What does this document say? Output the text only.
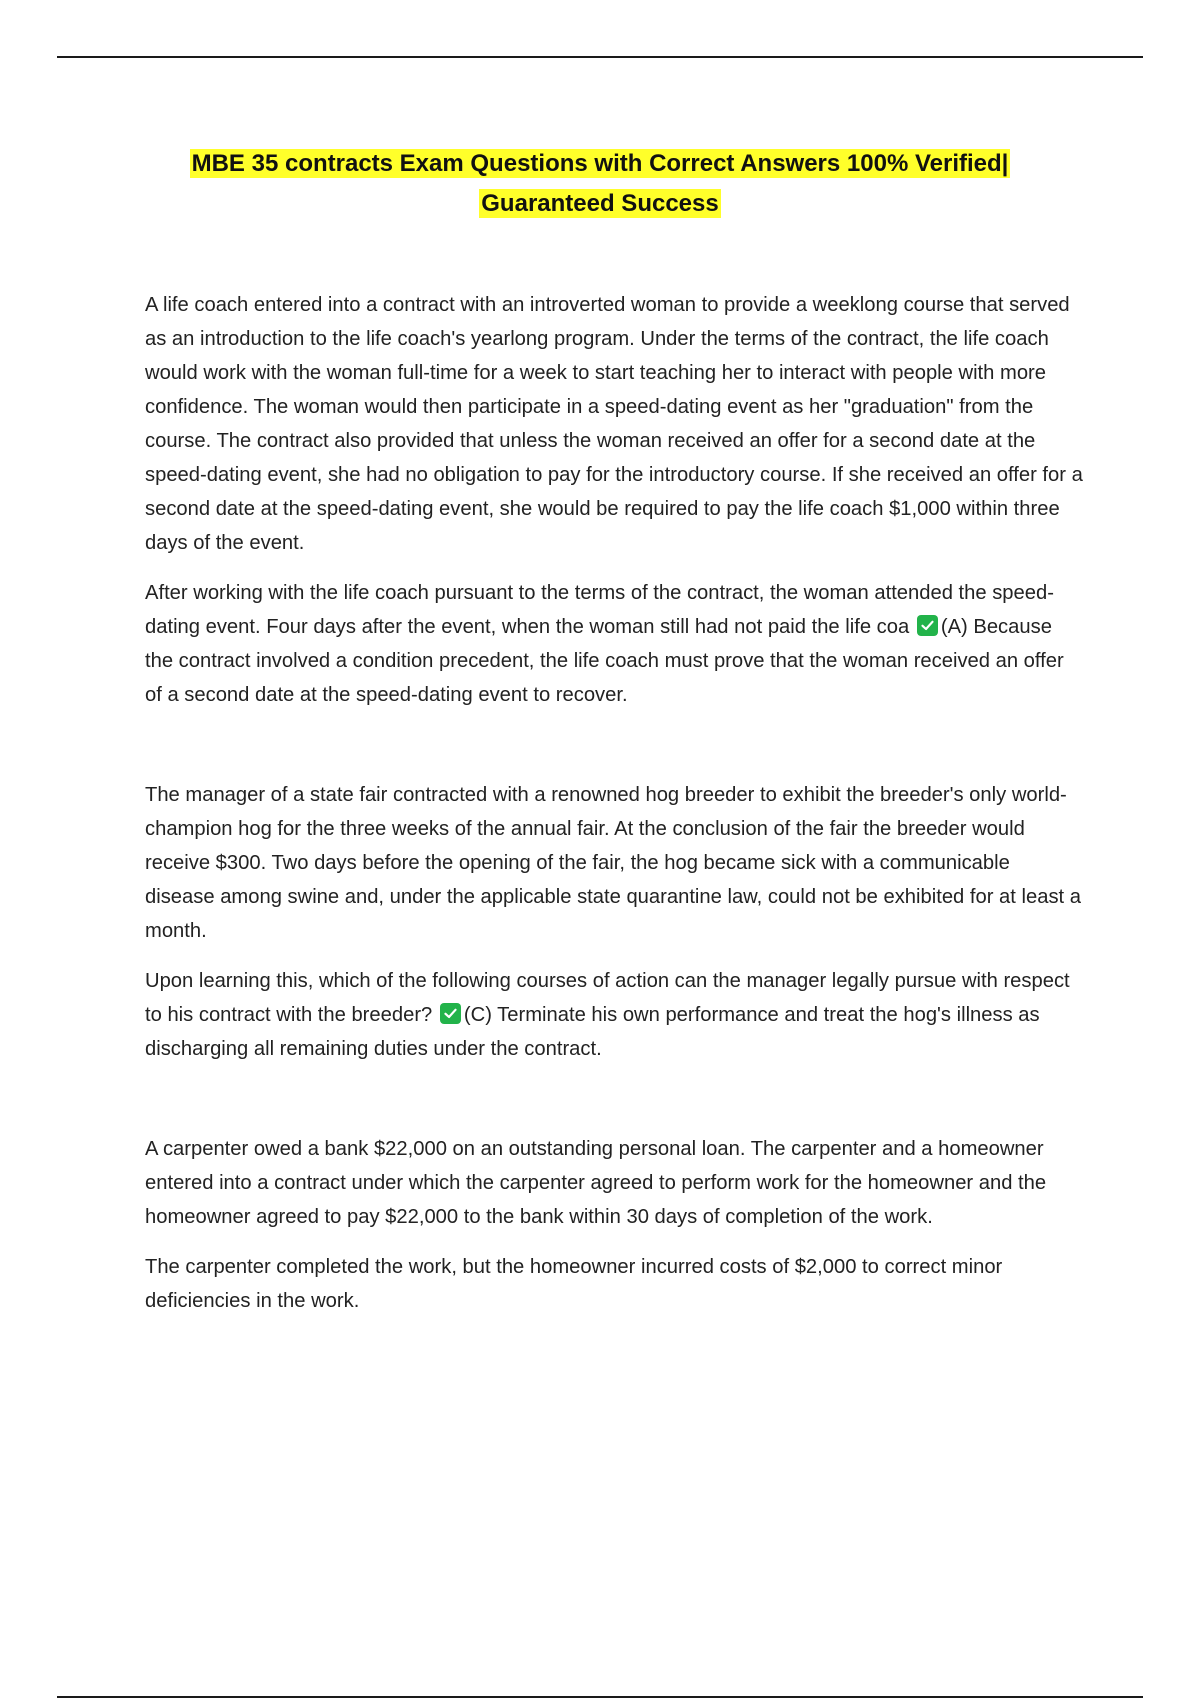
MBE 35 contracts Exam Questions with Correct Answers 100% Verified|
Guaranteed Success

A life coach entered into a contract with an introverted woman to provide a weeklong course that served as an introduction to the life coach's yearlong program. Under the terms of the contract, the life coach would work with the woman full-time for a week to start teaching her to interact with people with more confidence. The woman would then participate in a speed-dating event as her "graduation" from the course. The contract also provided that unless the woman received an offer for a second date at the speed-dating event, she had no obligation to pay for the introductory course. If she received an offer for a second date at the speed-dating event, she would be required to pay the life coach $1,000 within three days of the event.

After working with the life coach pursuant to the terms of the contract, the woman attended the speed-dating event. Four days after the event, when the woman still had not paid the life coa (A) Because the contract involved a condition precedent, the life coach must prove that the woman received an offer of a second date at the speed-dating event to recover.

The manager of a state fair contracted with a renowned hog breeder to exhibit the breeder's only world-champion hog for the three weeks of the annual fair. At the conclusion of the fair the breeder would receive $300. Two days before the opening of the fair, the hog became sick with a communicable disease among swine and, under the applicable state quarantine law, could not be exhibited for at least a month.

Upon learning this, which of the following courses of action can the manager legally pursue with respect to his contract with the breeder? (C) Terminate his own performance and treat the hog's illness as discharging all remaining duties under the contract.

A carpenter owed a bank $22,000 on an outstanding personal loan. The carpenter and a homeowner entered into a contract under which the carpenter agreed to perform work for the homeowner and the homeowner agreed to pay $22,000 to the bank within 30 days of completion of the work.

The carpenter completed the work, but the homeowner incurred costs of $2,000 to correct minor deficiencies in the work.
